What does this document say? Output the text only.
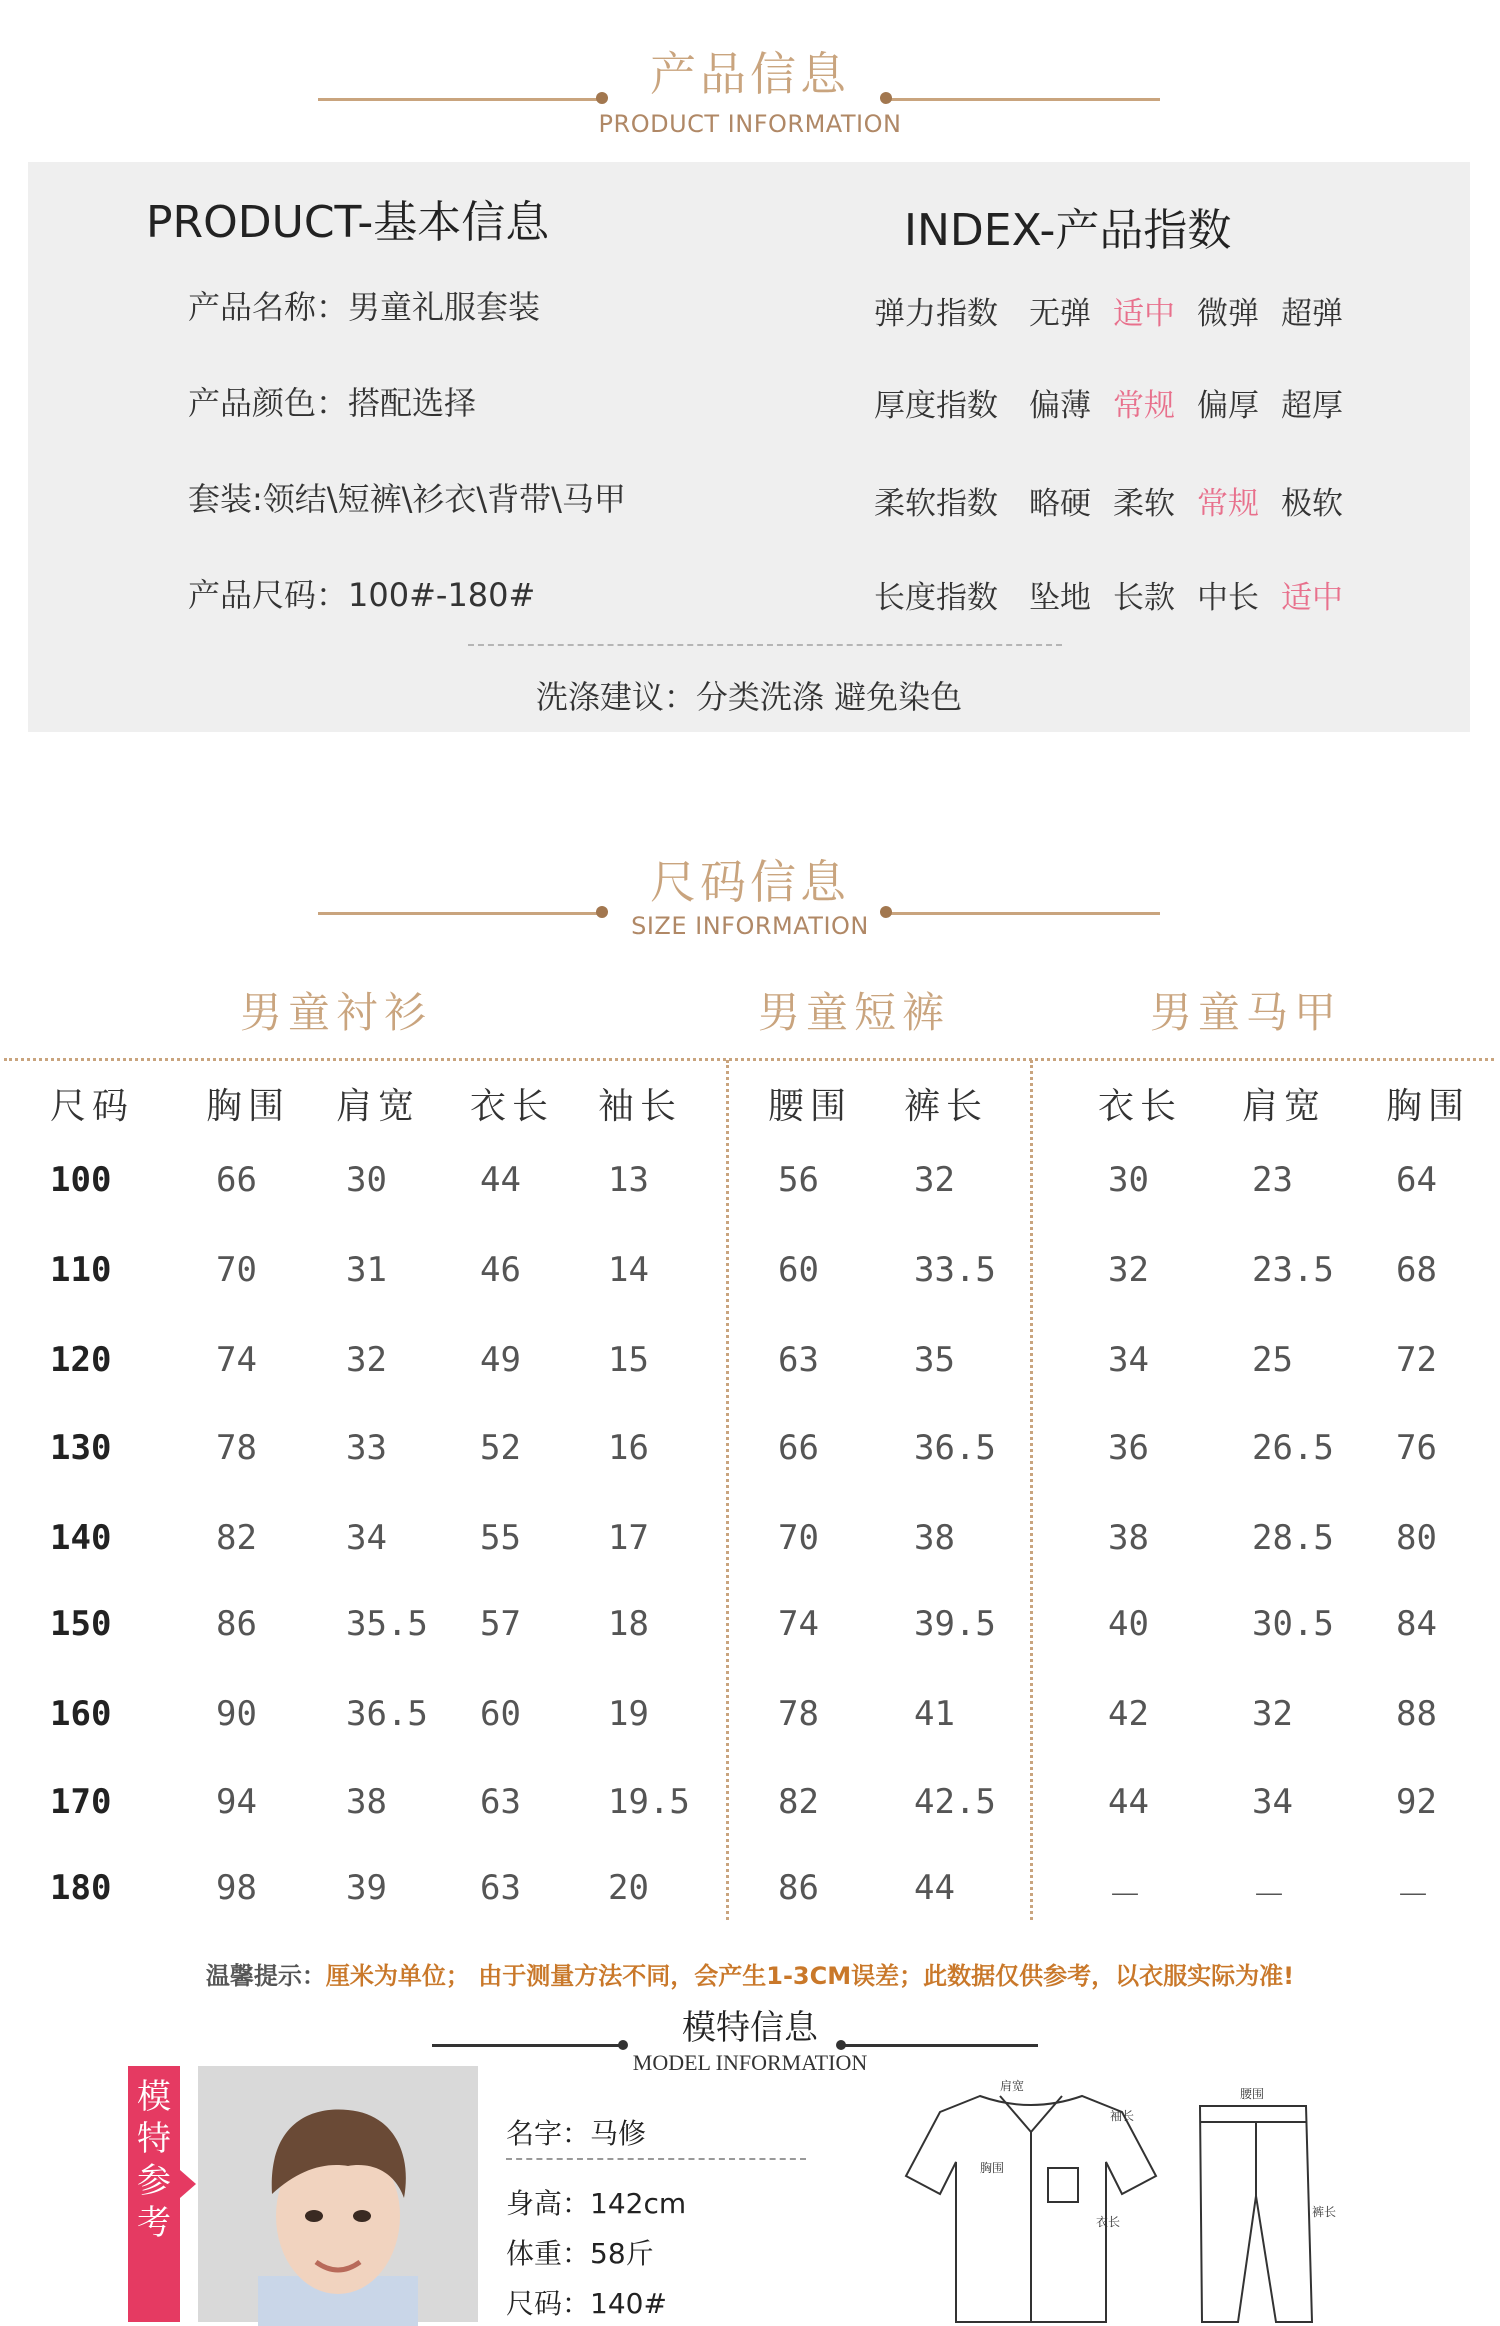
产品信息
PRODUCT INFORMATION
PRODUCT-基本信息
产品名称：男童礼服套装
产品颜色：搭配选择
套装:领结\短裤\衫衣\背带\马甲
产品尺码：100#-180#
INDEX-产品指数
弹力指数 无弹 适中 微弹 超弹
厚度指数 偏薄 常规 偏厚 超厚
柔软指数 略硬 柔软 常规 极软
长度指数 坠地 长款 中长 适中
洗涤建议：分类洗涤 避免染色
尺码信息
SIZE INFORMATION
男童衬衫	男童短裤	男童马甲
尺码 胸围 肩宽 衣长 袖长 腰围 裤长	衣长 肩宽 胸围
100	66	30	44	13	56	32	30	23	64
110	70	31	46	14	60	33.5	32	23.5 68
120	74	32	49	15	63	35	34	25	72
130	78	33	52	16	66	36.5	36	26.5 76
140	82	34	55	17	70	38	38	28.5 80
150	86	35.5 57	18	74	39.5	40	30.5 84
160	90	36.5 60	19	78	41	42	32	88
170	94	38	63	19.5	82	42.5	44	34	92
180	98	39	63	20	86	44	－	－	－
温馨提示：厘米为单位； 由于测量方法不同，会产生1-3CM误差；此数据仅供参考，以衣服实际为准!
模特信息
MODEL INFORMATION
模特参考
名字：马修
身高：142cm
体重：58斤
尺码：140#
肩宽
袖长
胸围
衣长
腰围
裤长
